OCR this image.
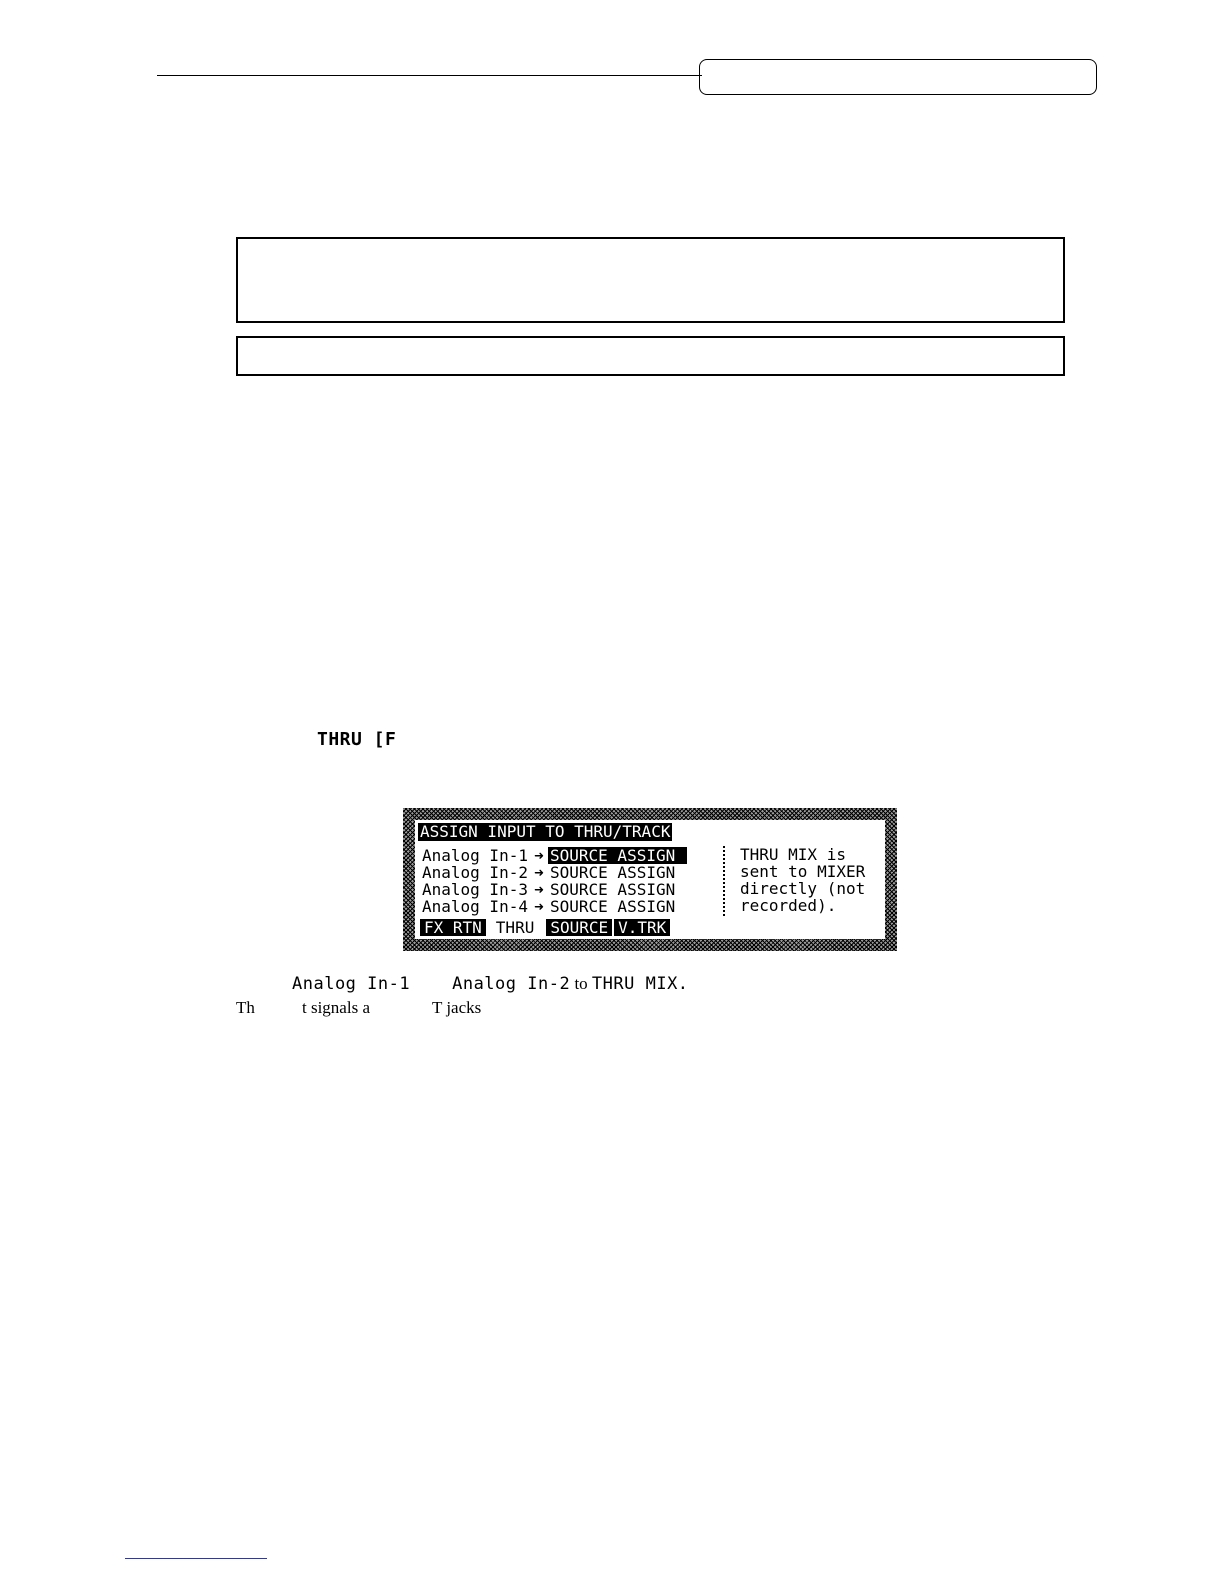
THRU [F
ASSIGN INPUT TO THRU/TRACK
Analog In-1 ➜ SOURCE ASSIGN
Analog In-2 ➜ SOURCE ASSIGN
Analog In-3 ➜ SOURCE ASSIGN
Analog In-4 ➜ SOURCE ASSIGN
THRU MIX is sent to MIXER directly (not recorded).
FX RTN THRU SOURCE V.TRK
Analog In-1 Analog In-2 to THRU MIX.
Th	t signals a	T jacks
